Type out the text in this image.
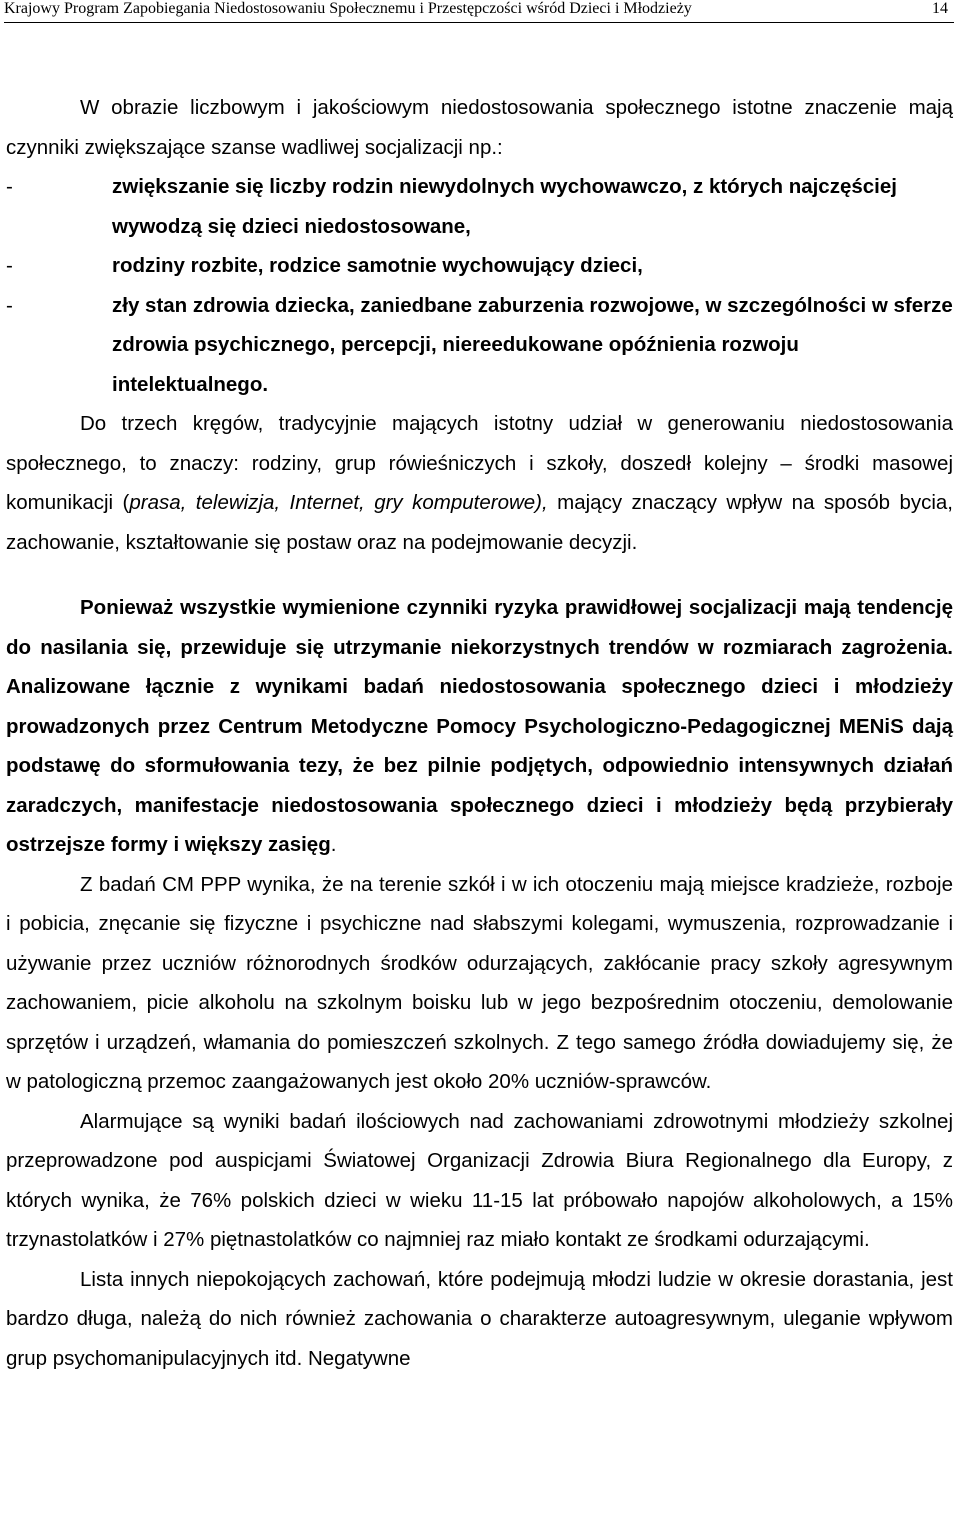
Krajowy Program Zapobiegania Niedostosowaniu Społecznemu i Przestępczości wśród Dzieci i Młodzieży	14

W obrazie liczbowym i jakościowym niedostosowania społecznego istotne znaczenie mają czynniki zwiększające szanse wadliwej socjalizacji np.:

-	zwiększanie się liczby rodzin niewydolnych wychowawczo, z których najczęściej wywodzą się dzieci niedostosowane,
-	rodziny rozbite, rodzice samotnie wychowujący dzieci,
-	zły stan zdrowia dziecka, zaniedbane zaburzenia rozwojowe, w szczególności w sferze zdrowia psychicznego, percepcji, niereedukowane opóźnienia rozwoju intelektualnego.

Do trzech kręgów, tradycyjnie mających istotny udział w generowaniu niedostosowania społecznego, to znaczy: rodziny, grup rówieśniczych i szkoły, doszedł kolejny – środki masowej komunikacji (prasa, telewizja, Internet, gry komputerowe), mający znaczący wpływ na sposób bycia, zachowanie, kształtowanie się postaw oraz na podejmowanie decyzji.

Ponieważ wszystkie wymienione czynniki ryzyka prawidłowej socjalizacji mają tendencję do nasilania się, przewiduje się utrzymanie niekorzystnych trendów w rozmiarach zagrożenia. Analizowane łącznie z wynikami badań niedostosowania społecznego dzieci i młodzieży prowadzonych przez Centrum Metodyczne Pomocy Psychologiczno-Pedagogicznej MENiS dają podstawę do sformułowania tezy, że bez pilnie podjętych, odpowiednio intensywnych działań zaradczych, manifestacje niedostosowania społecznego dzieci i młodzieży będą przybierały ostrzejsze formy i większy zasięg.

Z badań CM PPP wynika, że na terenie szkół i w ich otoczeniu mają miejsce kradzieże, rozboje i pobicia, znęcanie się fizyczne i psychiczne nad słabszymi kolegami, wymuszenia, rozprowadzanie i używanie przez uczniów różnorodnych środków odurzających, zakłócanie pracy szkoły agresywnym zachowaniem, picie alkoholu na szkolnym boisku lub w jego bezpośrednim otoczeniu, demolowanie sprzętów i urządzeń, włamania do pomieszczeń szkolnych. Z tego samego źródła dowiadujemy się, że w patologiczną przemoc zaangażowanych jest około 20% uczniów-sprawców.

Alarmujące są wyniki badań ilościowych nad zachowaniami zdrowotnymi młodzieży szkolnej przeprowadzone pod auspicjami Światowej Organizacji Zdrowia Biura Regionalnego dla Europy, z których wynika, że 76% polskich dzieci w wieku 11-15 lat próbowało napojów alkoholowych, a 15% trzynastolatków i 27% piętnastolatków co najmniej raz miało kontakt ze środkami odurzającymi.

Lista innych niepokojących zachowań, które podejmują młodzi ludzie w okresie dorastania, jest bardzo długa, należą do nich również zachowania o charakterze autoagresywnym, uleganie wpływom grup psychomanipulacyjnych itd. Negatywne
